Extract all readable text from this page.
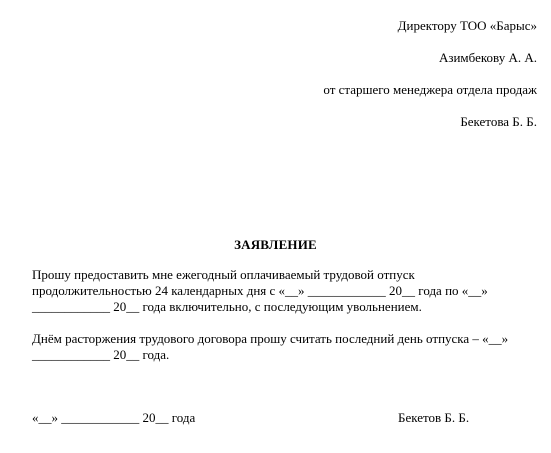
Директору ТОО «Барыс»
Азимбекову А. А.
от старшего менеджера отдела продаж
Бекетова Б. Б.
ЗАЯВЛЕНИЕ
Прошу предоставить мне ежегодный оплачиваемый трудовой отпуск
продолжительностью 24 календарных дня с «__» ____________ 20__ года по «__»
____________ 20__ года включительно, с последующим увольнением.
Днём расторжения трудового договора прошу считать последний день отпуска – «__»
____________ 20__ года.
«__» ____________ 20__ года	Бекетов Б. Б.
